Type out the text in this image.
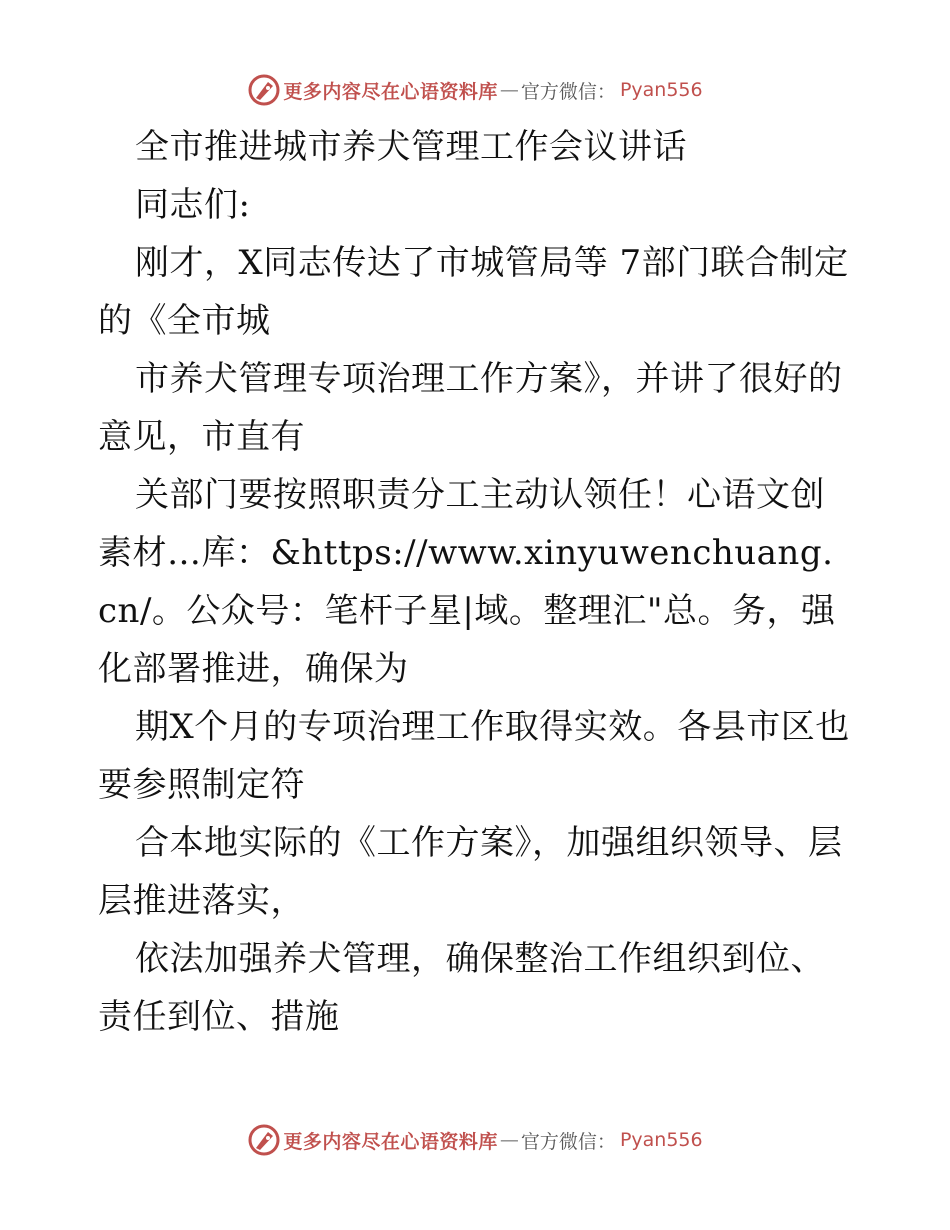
更多内容尽在心语资料库 — 官方微信： Pyan556

全市推进城市养犬管理工作会议讲话

同志们:

刚才，X同志传达了市城管局等 7部门联合制定的《全市城

市养犬管理专项治理工作方案》，并讲了很好的意见，市直有

关部门要按照职责分工主动认领任！心语文创素材…库：&https://www.xinyuwenchuang.cn/。公众号：笔杆子星|域。整理汇"总。务，强化部署推进，确保为

期X个月的专项治理工作取得实效。各县市区也要参照制定符

合本地实际的《工作方案》，加强组织领导、层层推进落实，

依法加强养犬管理，确保整治工作组织到位、责任到位、措施

更多内容尽在心语资料库 — 官方微信： Pyan556
